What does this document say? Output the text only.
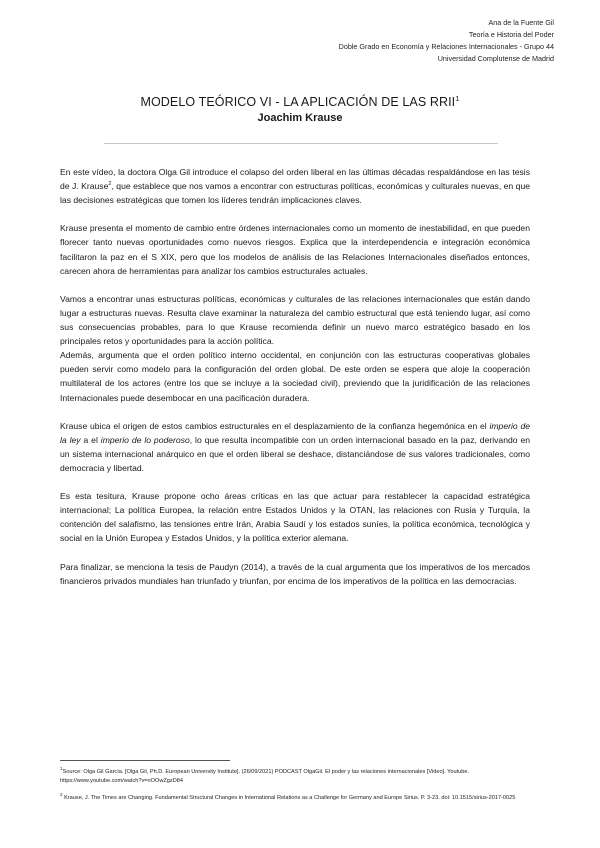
Ana de la Fuente Gil
Teoría e Historia del Poder
Doble Grado en Economía y Relaciones Internacionales - Grupo 44
Universidad Complutense de Madrid
MODELO TEÓRICO VI - LA APLICACIÓN DE LAS RRII$^1$
Joachim Krause

En este vídeo, la doctora Olga Gil introduce el colapso del orden liberal en las últimas décadas respaldándose en las tesis de J. Krause$^2$, que establece que nos vamos a encontrar con estructuras políticas, económicas y culturales nuevas, en que las decisiones estratégicas que tomen los líderes tendrán implicaciones claves.

Krause presenta el momento de cambio entre órdenes internacionales como un momento de inestabilidad, en que pueden florecer tanto nuevas oportunidades como nuevos riesgos. Explica que la interdependencia e integración económica facilitaron la paz en el S XIX, pero que los modelos de análisis de las Relaciones Internacionales diseñados entonces, carecen ahora de herramientas para analizar los cambios estructurales actuales.

Vamos a encontrar unas estructuras políticas, económicas y culturales de las relaciones internacionales que están dando lugar a estructuras nuevas. Resulta clave examinar la naturaleza del cambio estructural que está teniendo lugar, así como sus consecuencias probables, para lo que Krause recomienda definir un nuevo marco estratégico basado en los principales retos y oportunidades para la acción política.

Además, argumenta que el orden político interno occidental, en conjunción con las estructuras cooperativas globales pueden servir como modelo para la configuración del orden global. De este orden se espera que aloje la cooperación multilateral de los actores (entre los que se incluye a la sociedad civil), previendo que la juridificación de las relaciones Internacionales puede desembocar en una pacificación duradera.

Krause ubica el origen de estos cambios estructurales en el desplazamiento de la confianza hegemónica en el imperio de la ley a el imperio de lo poderoso, lo que resulta incompatible con un orden internacional basado en la paz, derivando en un sistema internacional anárquico en que el orden liberal se deshace, distanciándose de sus valores tradicionales, como democracia y libertad.

Es esta tesitura, Krause propone ocho áreas críticas en las que actuar para restablecer la capacidad estratégica internacional; La política Europea, la relación entre Estados Unidos y la OTAN, las relaciones con Rusia y Turquía, la contención del salafismo, las tensiones entre Irán, Arabia Saudí y los estados suníes, la política económica, tecnológica y social en la Unión Europea y Estados Unidos, y la política exterior alemana.

Para finalizar, se menciona la tesis de Paudyn (2014), a través de la cual argumenta que los imperativos de los mercados financieros privados mundiales han triunfado y triunfan, por encima de los imperativos de la política en las democracias.

$^1$Source: Olga Gil García. [Olga Gil, Ph.D. European University Institute]. (26/09/2021) PODCAST OlgaGil. El poder y las relaciones internacionales [Video]. Youtube. https://www.youtube.com/watch?v=nOOwZgzD84

$^2$ Krause, J. The Times are Changing. Fundamental Structural Changes in International Relations as a Challenge for Germany and Europe Sirius. P. 3-23. doi: 10.1515/sirius-2017-0025
